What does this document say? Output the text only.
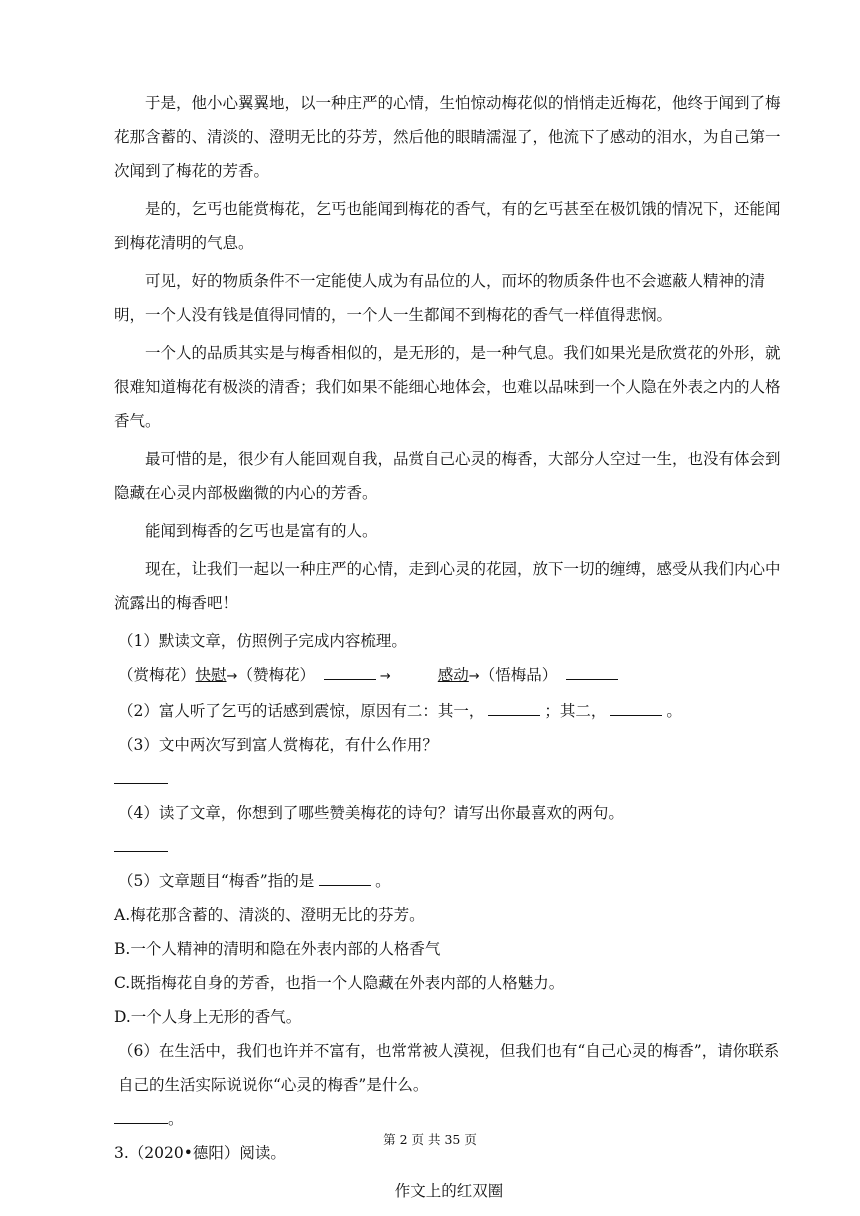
于是，他小心翼翼地，以一种庄严的心情，生怕惊动梅花似的悄悄走近梅花，他终于闻到了梅花那含蓄的、清淡的、澄明无比的芬芳，然后他的眼睛濡湿了，他流下了感动的泪水，为自己第一次闻到了梅花的芳香。

是的，乞丐也能赏梅花，乞丐也能闻到梅花的香气，有的乞丐甚至在极饥饿的情况下，还能闻到梅花清明的气息。

可见，好的物质条件不一定能使人成为有品位的人，而坏的物质条件也不会遮蔽人精神的清明，一个人没有钱是值得同情的，一个人一生都闻不到梅花的香气一样值得悲悯。

一个人的品质其实是与梅香相似的，是无形的，是一种气息。我们如果光是欣赏花的外形，就很难知道梅花有极淡的清香；我们如果不能细心地体会，也难以品味到一个人隐在外表之内的人格香气。

最可惜的是，很少有人能回观自我，品赏自己心灵的梅香，大部分人空过一生，也没有体会到隐藏在心灵内部极幽微的内心的芳香。

能闻到梅香的乞丐也是富有的人。

现在，让我们一起以一种庄严的心情，走到心灵的花园，放下一切的缠缚，感受从我们内心中流露出的梅香吧！

（1）默读文章，仿照例子完成内容梳理。

（赏梅花）快慰→（赞梅花）	→	感动→（悟梅品）

（2）富人听了乞丐的话感到震惊，原因有二：其一，	；其二，	。

（3）文中两次写到富人赏梅花，有什么作用？

（4）读了文章，你想到了哪些赞美梅花的诗句？请写出你最喜欢的两句。

（5）文章题目“梅香”指的是	。

A.梅花那含蓄的、清淡的、澄明无比的芬芳。

B.一个人精神的清明和隐在外表内部的人格香气

C.既指梅花自身的芳香，也指一个人隐藏在外表内部的人格魅力。

D.一个人身上无形的香气。

（6）在生活中，我们也许并不富有，也常常被人漠视，但我们也有“自己心灵的梅香”，请你联系自己的生活实际说说你“心灵的梅香”是什么。

。

3.（2020•德阳）阅读。

作文上的红双圈

第 2 页 共 35 页
